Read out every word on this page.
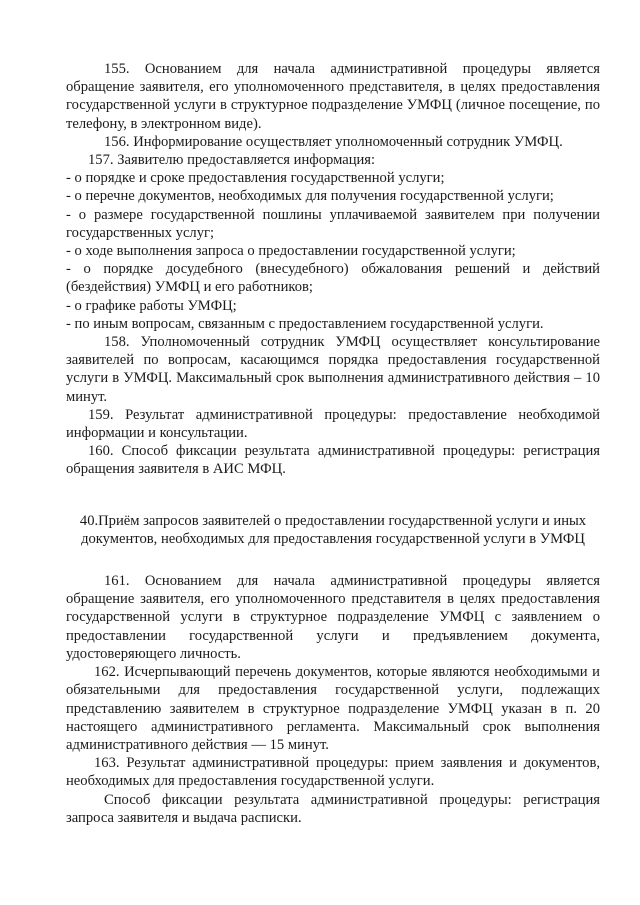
155. Основанием для начала административной процедуры является обращение заявителя, его уполномоченного представителя, в целях предоставления государственной услуги в структурное подразделение УМФЦ (личное посещение, по телефону, в электронном виде).

156. Информирование осуществляет уполномоченный сотрудник УМФЦ.

157. Заявителю предоставляется информация:

- о порядке и сроке предоставления государственной услуги;

- о перечне документов, необходимых для получения государственной услуги;

- о размере государственной пошлины уплачиваемой заявителем при получении государственных услуг;

- о ходе выполнения запроса о предоставлении государственной услуги;

- о порядке досудебного (внесудебного) обжалования решений и действий (бездействия) УМФЦ и его работников;

- о графике работы УМФЦ;

- по иным вопросам, связанным с предоставлением государственной услуги.

158. Уполномоченный сотрудник УМФЦ осуществляет консультирование заявителей по вопросам, касающимся порядка предоставления государственной услуги в УМФЦ. Максимальный срок выполнения административного действия – 10 минут.

159. Результат административной процедуры: предоставление необходимой информации и консультации.

160. Способ фиксации результата административной процедуры: регистрация обращения заявителя в АИС МФЦ.

40.Приём запросов заявителей о предоставлении государственной услуги и иных документов, необходимых для предоставления государственной услуги в УМФЦ

161. Основанием для начала административной процедуры является обращение заявителя, его уполномоченного представителя в целях предоставления государственной услуги в структурное подразделение УМФЦ с заявлением о предоставлении государственной услуги и предъявлением документа, удостоверяющего личность.

162. Исчерпывающий перечень документов, которые являются необходимыми и обязательными для предоставления государственной услуги, подлежащих представлению заявителем в структурное подразделение УМФЦ указан в п. 20 настоящего административного регламента. Максимальный срок выполнения административного действия — 15 минут.

163. Результат административной процедуры: прием заявления и документов, необходимых для предоставления государственной услуги.

Способ фиксации результата административной процедуры: регистрация запроса заявителя и выдача расписки.
